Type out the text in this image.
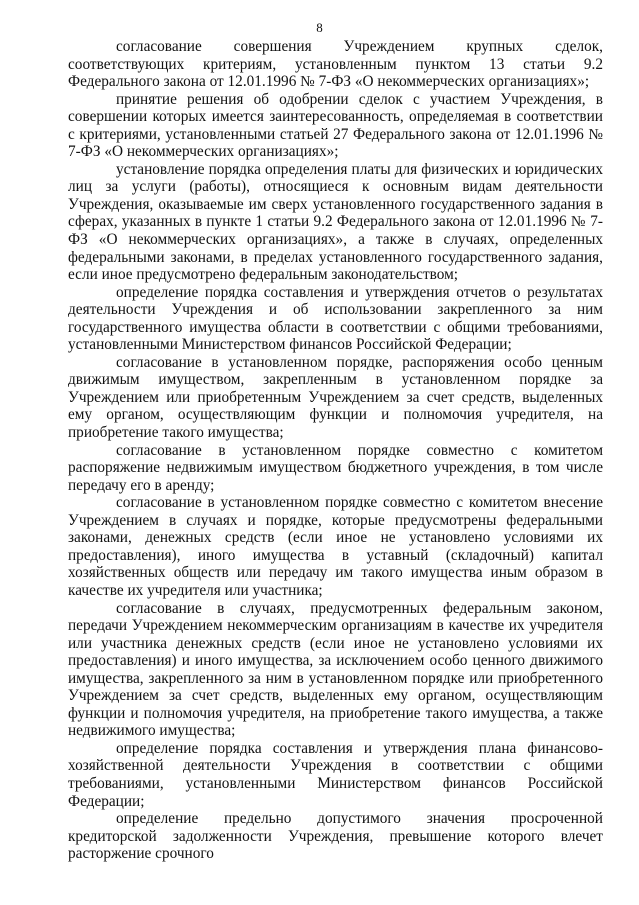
8

согласование совершения Учреждением крупных сделок, соответствующих критериям, установленным пунктом 13 статьи 9.2 Федерального закона от 12.01.1996 № 7-ФЗ «О некоммерческих организациях»;

принятие решения об одобрении сделок с участием Учреждения, в совершении которых имеется заинтересованность, определяемая в соответствии с критериями, установленными статьей 27 Федерального закона от 12.01.1996 № 7-ФЗ «О некоммерческих организациях»;

установление порядка определения платы для физических и юридических лиц за услуги (работы), относящиеся к основным видам деятельности Учреждения, оказываемые им сверх установленного государственного задания в сферах, указанных в пункте 1 статьи 9.2 Федерального закона от 12.01.1996 № 7-ФЗ «О некоммерческих организациях», а также в случаях, определенных федеральными законами, в пределах установленного государственного задания, если иное предусмотрено федеральным законодательством;

определение порядка составления и утверждения отчетов о результатах деятельности Учреждения и об использовании закрепленного за ним государственного имущества области в соответствии с общими требованиями, установленными Министерством финансов Российской Федерации;

согласование в установленном порядке, распоряжения особо ценным движимым имуществом, закрепленным в установленном порядке за Учреждением или приобретенным Учреждением за счет средств, выделенных ему органом, осуществляющим функции и полномочия учредителя, на приобретение такого имущества;

согласование в установленном порядке совместно с комитетом распоряжение недвижимым имуществом бюджетного учреждения, в том числе передачу его в аренду;

согласование в установленном порядке совместно с комитетом внесение Учреждением в случаях и порядке, которые предусмотрены федеральными законами, денежных средств (если иное не установлено условиями их предоставления), иного имущества в уставный (складочный) капитал хозяйственных обществ или передачу им такого имущества иным образом в качестве их учредителя или участника;

согласование в случаях, предусмотренных федеральным законом, передачи Учреждением некоммерческим организациям в качестве их учредителя или участника денежных средств (если иное не установлено условиями их предоставления) и иного имущества, за исключением особо ценного движимого имущества, закрепленного за ним в установленном порядке или приобретенного Учреждением за счет средств, выделенных ему органом, осуществляющим функции и полномочия учредителя, на приобретение такого имущества, а также недвижимого имущества;

определение порядка составления и утверждения плана финансово-хозяйственной деятельности Учреждения в соответствии с общими требованиями, установленными Министерством финансов Российской Федерации;

определение предельно допустимого значения просроченной кредиторской задолженности Учреждения, превышение которого влечет расторжение срочного
